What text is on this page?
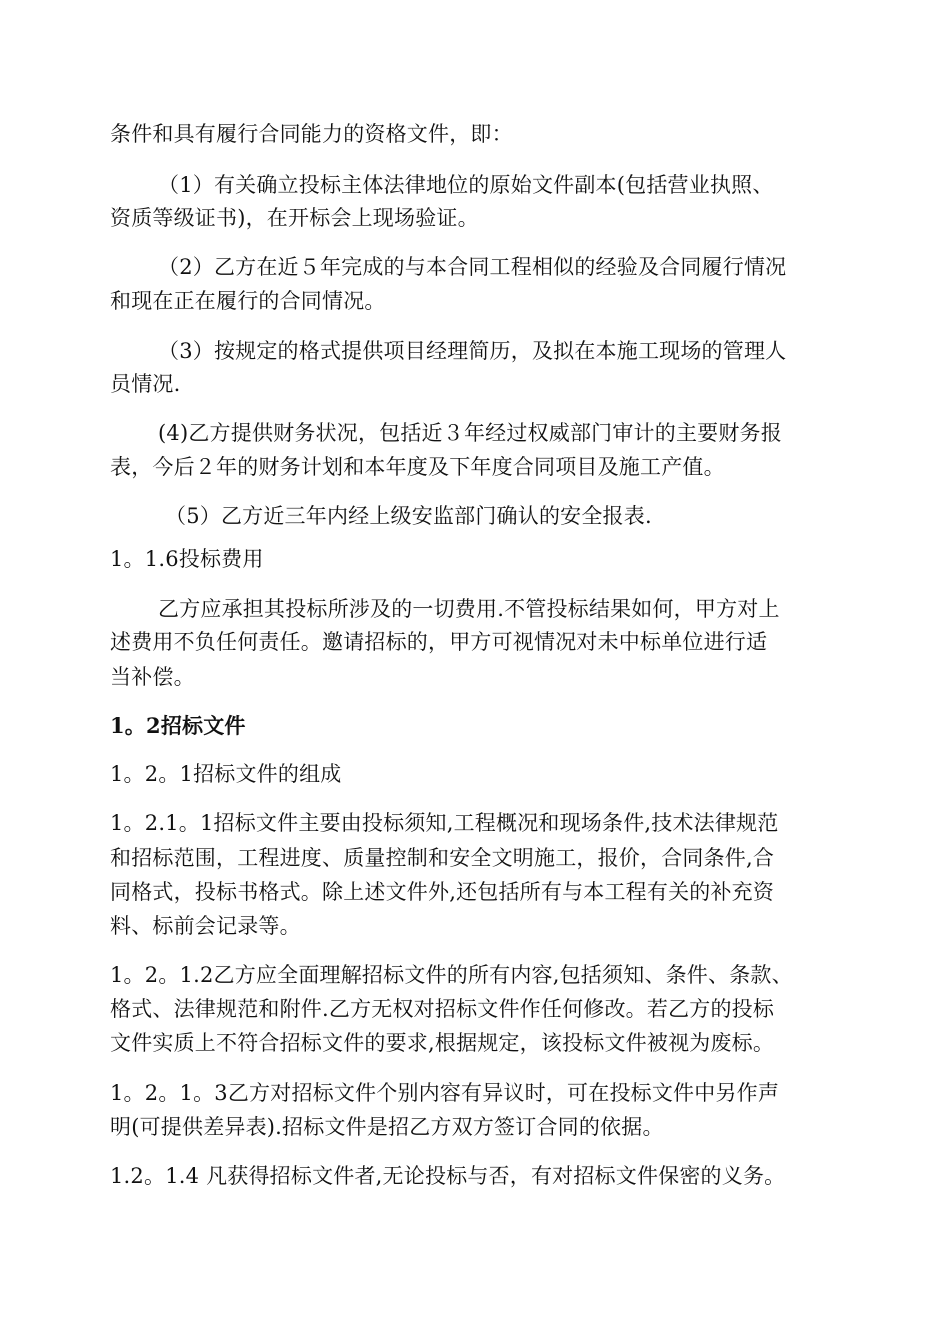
条件和具有履行合同能力的资格文件，即：
（1）有关确立投标主体法律地位的原始文件副本(包括营业执照、
资质等级证书)，在开标会上现场验证。
（2）乙方在近５年完成的与本合同工程相似的经验及合同履行情况
和现在正在履行的合同情况。
（3）按规定的格式提供项目经理简历，及拟在本施工现场的管理人
员情况.
(4)乙方提供财务状况，包括近３年经过权威部门审计的主要财务报
表，今后２年的财务计划和本年度及下年度合同项目及施工产值。
（5）乙方近三年内经上级安监部门确认的安全报表.
1。1.6投标费用
乙方应承担其投标所涉及的一切费用.不管投标结果如何，甲方对上
述费用不负任何责任。邀请招标的，甲方可视情况对未中标单位进行适
当补偿。
1。2招标文件
1。2。1招标文件的组成
1。2.1。1招标文件主要由投标须知,工程概况和现场条件,技术法律规范
和招标范围，工程进度、质量控制和安全文明施工，报价，合同条件,合
同格式，投标书格式。除上述文件外,还包括所有与本工程有关的补充资
料、标前会记录等。
1。2。1.2乙方应全面理解招标文件的所有内容,包括须知、条件、条款、
格式、法律规范和附件.乙方无权对招标文件作任何修改。若乙方的投标
文件实质上不符合招标文件的要求,根据规定，该投标文件被视为废标。
1。2。1。3乙方对招标文件个别内容有异议时，可在投标文件中另作声
明(可提供差异表).招标文件是招乙方双方签订合同的依据。
1.2。1.4 凡获得招标文件者,无论投标与否，有对招标文件保密的义务。
